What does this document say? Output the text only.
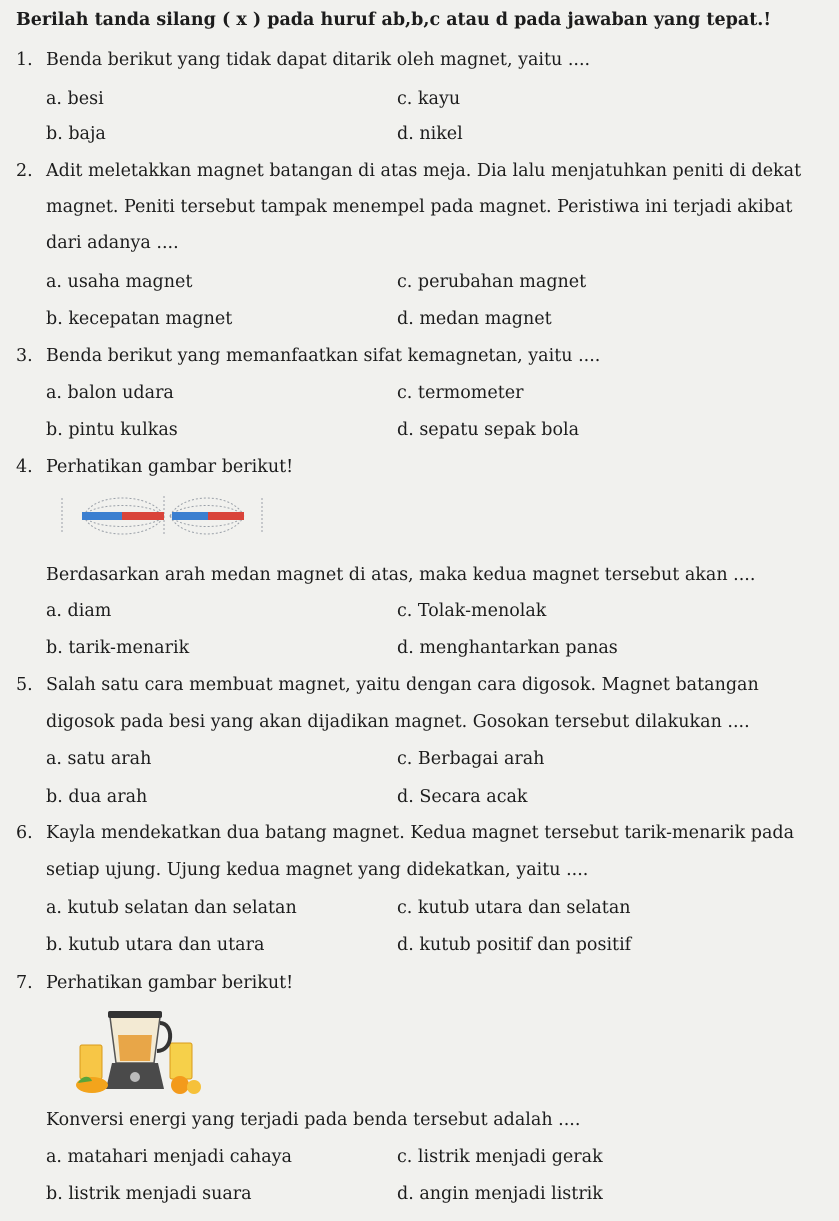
Berilah tanda silang ( x ) pada huruf ab,b,c atau d pada jawaban yang tepat.!
1. Benda berikut yang tidak dapat ditarik oleh magnet, yaitu ....
a. besi	c. kayu
b. baja	d. nikel
2. Adit meletakkan magnet batangan di atas meja. Dia lalu menjatuhkan peniti di dekat
magnet. Peniti tersebut tampak menempel pada magnet. Peristiwa ini terjadi akibat
dari adanya ....
a. usaha magnet	c. perubahan magnet
b. kecepatan magnet	d. medan magnet
3. Benda berikut yang memanfaatkan sifat kemagnetan, yaitu ....
a. balon udara	c. termometer
b. pintu kulkas	d. sepatu sepak bola
4. Perhatikan gambar berikut!
Berdasarkan arah medan magnet di atas, maka kedua magnet tersebut akan ....
a. diam	c. Tolak-menolak
b. tarik-menarik	d. menghantarkan panas
5. Salah satu cara membuat magnet, yaitu dengan cara digosok. Magnet batangan
digosok pada besi yang akan dijadikan magnet. Gosokan tersebut dilakukan ....
a. satu arah	c. Berbagai arah
b. dua arah	d. Secara acak
6. Kayla mendekatkan dua batang magnet. Kedua magnet tersebut tarik-menarik pada
setiap ujung. Ujung kedua magnet yang didekatkan, yaitu ....
a. kutub selatan dan selatan	c. kutub utara dan selatan
b. kutub utara dan utara	d. kutub positif dan positif
7. Perhatikan gambar berikut!
Konversi energi yang terjadi pada benda tersebut adalah ....
a. matahari menjadi cahaya	c. listrik menjadi gerak
b. listrik menjadi suara	d. angin menjadi listrik
